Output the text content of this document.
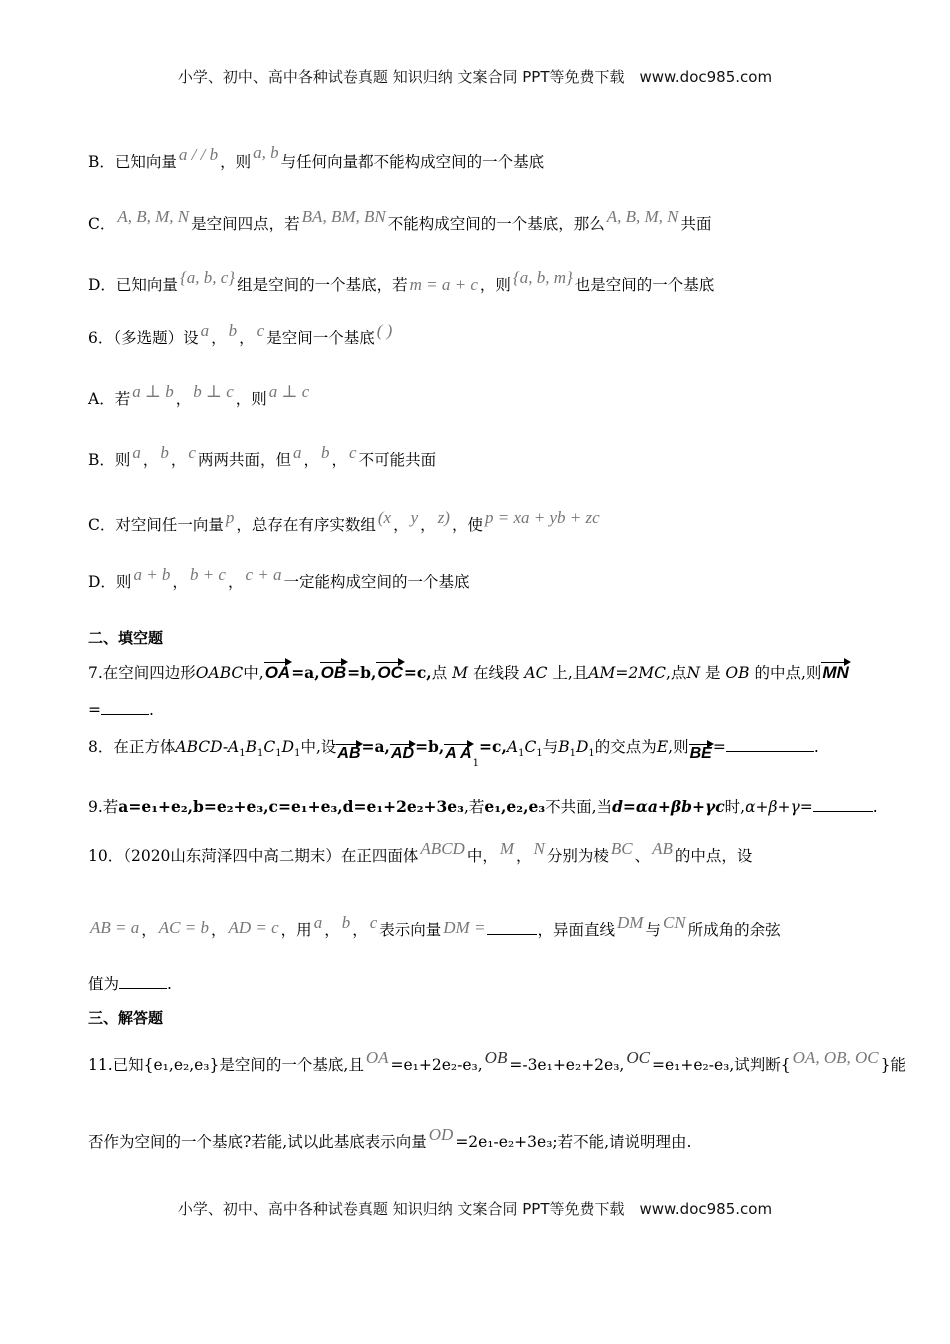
小学、初中、高中各种试卷真题 知识归纳 文案合同 PPT等免费下载　www.doc985.com
B．已知向量 a / / b ，则 a, b 与任何向量都不能构成空间的一个基底
C． A, B, M, N 是空间四点，若 BA, BM, BN 不能构成空间的一个基底，那么 A, B, M, N 共面
D．已知向量 {a, b, c} 组是空间的一个基底，若 m = a + c ，则 {a, b, m} 也是空间的一个基底
6．（多选题）设 a ， b ， c 是空间一个基底 ( )
A．若 a ⊥ b ， b ⊥ c ，则 a ⊥ c
B．则 a ， b ， c 两两共面，但 a ， b ， c 不可能共面
C．对空间任一向量 p ，总存在有序实数组 (x ， y ， z) ，使 p = xa + yb + zc
D．则 a + b ， b + c ， c + a 一定能构成空间的一个基底
二、填空题
7.在空间四边形OABC中,OA=a,OB=b,OC=c,点 M 在线段 AC 上,且AM=2MC,点N 是 OB 的中点,则MN
=	.
8．在正方体ABCD-$A_1B_1C_1D_1$中,设AB=a,AD=b,A $A_1=c,A_1C_1$与$B_1D_1$的交点为E,则BE=	.
9.若a=e₁+e₂,b=e₂+e₃,c=e₁+e₃,d=e₁+2e₂+3e₃,若e₁,e₂,e₃不共面,当d=αa+βb+γc时,α+β+γ=	.
10．（2020山东菏泽四中高二期末）在正四面体 ABCD 中， M ， N 分别为棱 BC 、 AB 的中点，设
AB = a ， AC = b ， AD = c ，用 a ， b ， c 表示向量 DM =	，异面直线 DM 与 CN 所成角的余弦
值为	.
三、解答题
11.已知{e₁,e₂,e₃}是空间的一个基底,且 OA =e₁+2e₂-e₃, OB =-3e₁+e₂+2e₃, OC =e₁+e₂-e₃,试判断{ OA, OB, OC }能
否作为空间的一个基底?若能,试以此基底表示向量 OD =2e₁-e₂+3e₃;若不能,请说明理由.
小学、初中、高中各种试卷真题 知识归纳 文案合同 PPT等免费下载　www.doc985.com
